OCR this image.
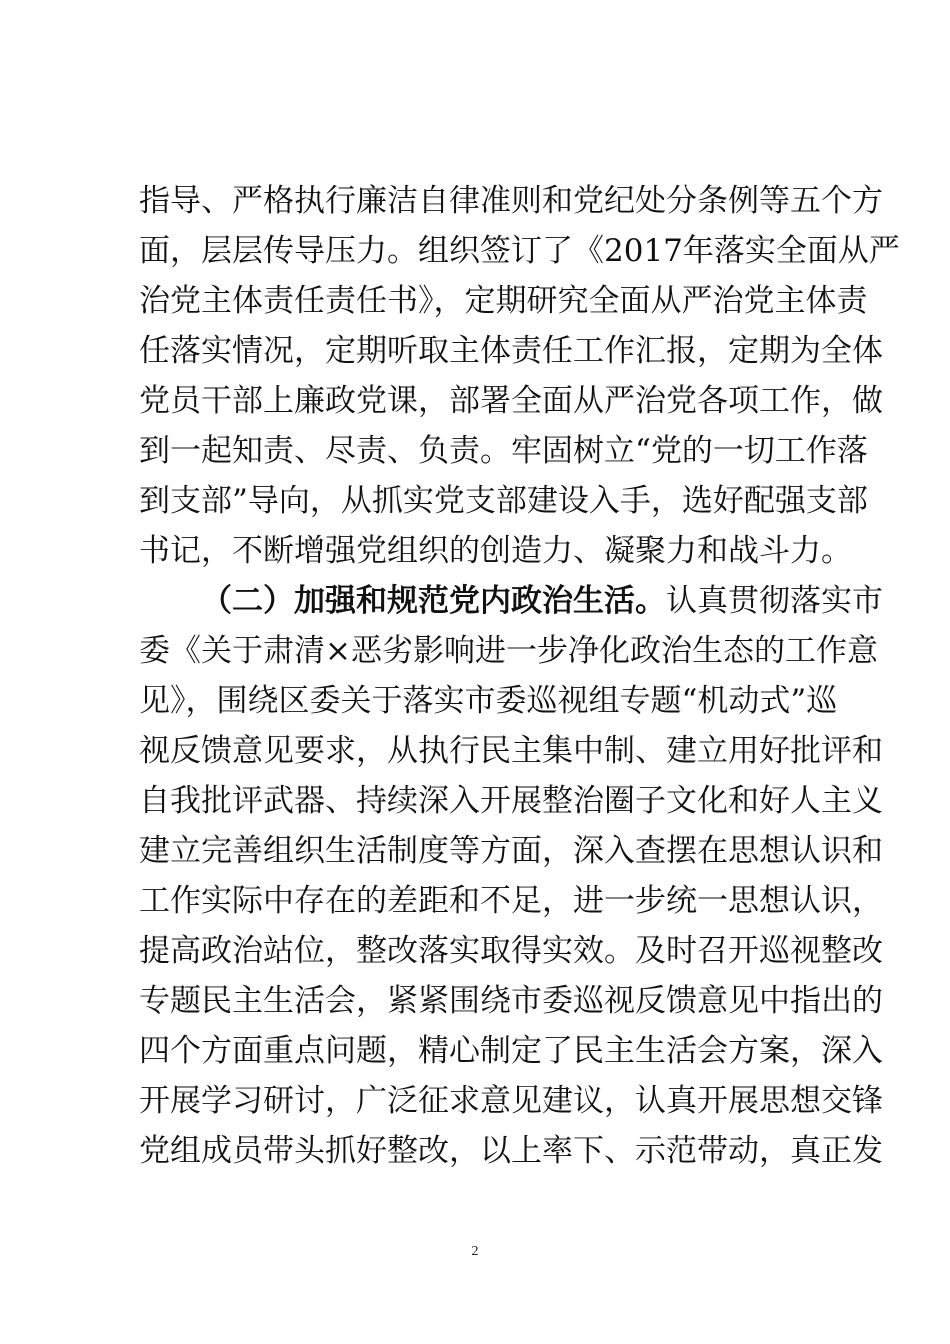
指导、严格执行廉洁自律准则和党纪处分条例等五个方
面，层层传导压力。组织签订了《2017年落实全面从严
治党主体责任责任书》，定期研究全面从严治党主体责
任落实情况，定期听取主体责任工作汇报，定期为全体
党员干部上廉政党课，部署全面从严治党各项工作，做
到一起知责、尽责、负责。牢固树立“党的一切工作落
到支部”导向，从抓实党支部建设入手，选好配强支部
书记，不断增强党组织的创造力、凝聚力和战斗力。
（二）加强和规范党内政治生活。认真贯彻落实市
委《关于肃清×恶劣影响进一步净化政治生态的工作意
见》，围绕区委关于落实市委巡视组专题“机动式”巡
视反馈意见要求，从执行民主集中制、建立用好批评和
自我批评武器、持续深入开展整治圈子文化和好人主义
建立完善组织生活制度等方面，深入查摆在思想认识和
工作实际中存在的差距和不足，进一步统一思想认识，
提高政治站位，整改落实取得实效。及时召开巡视整改
专题民主生活会，紧紧围绕市委巡视反馈意见中指出的
四个方面重点问题，精心制定了民主生活会方案，深入
开展学习研讨，广泛征求意见建议，认真开展思想交锋
党组成员带头抓好整改，以上率下、示范带动，真正发
2
